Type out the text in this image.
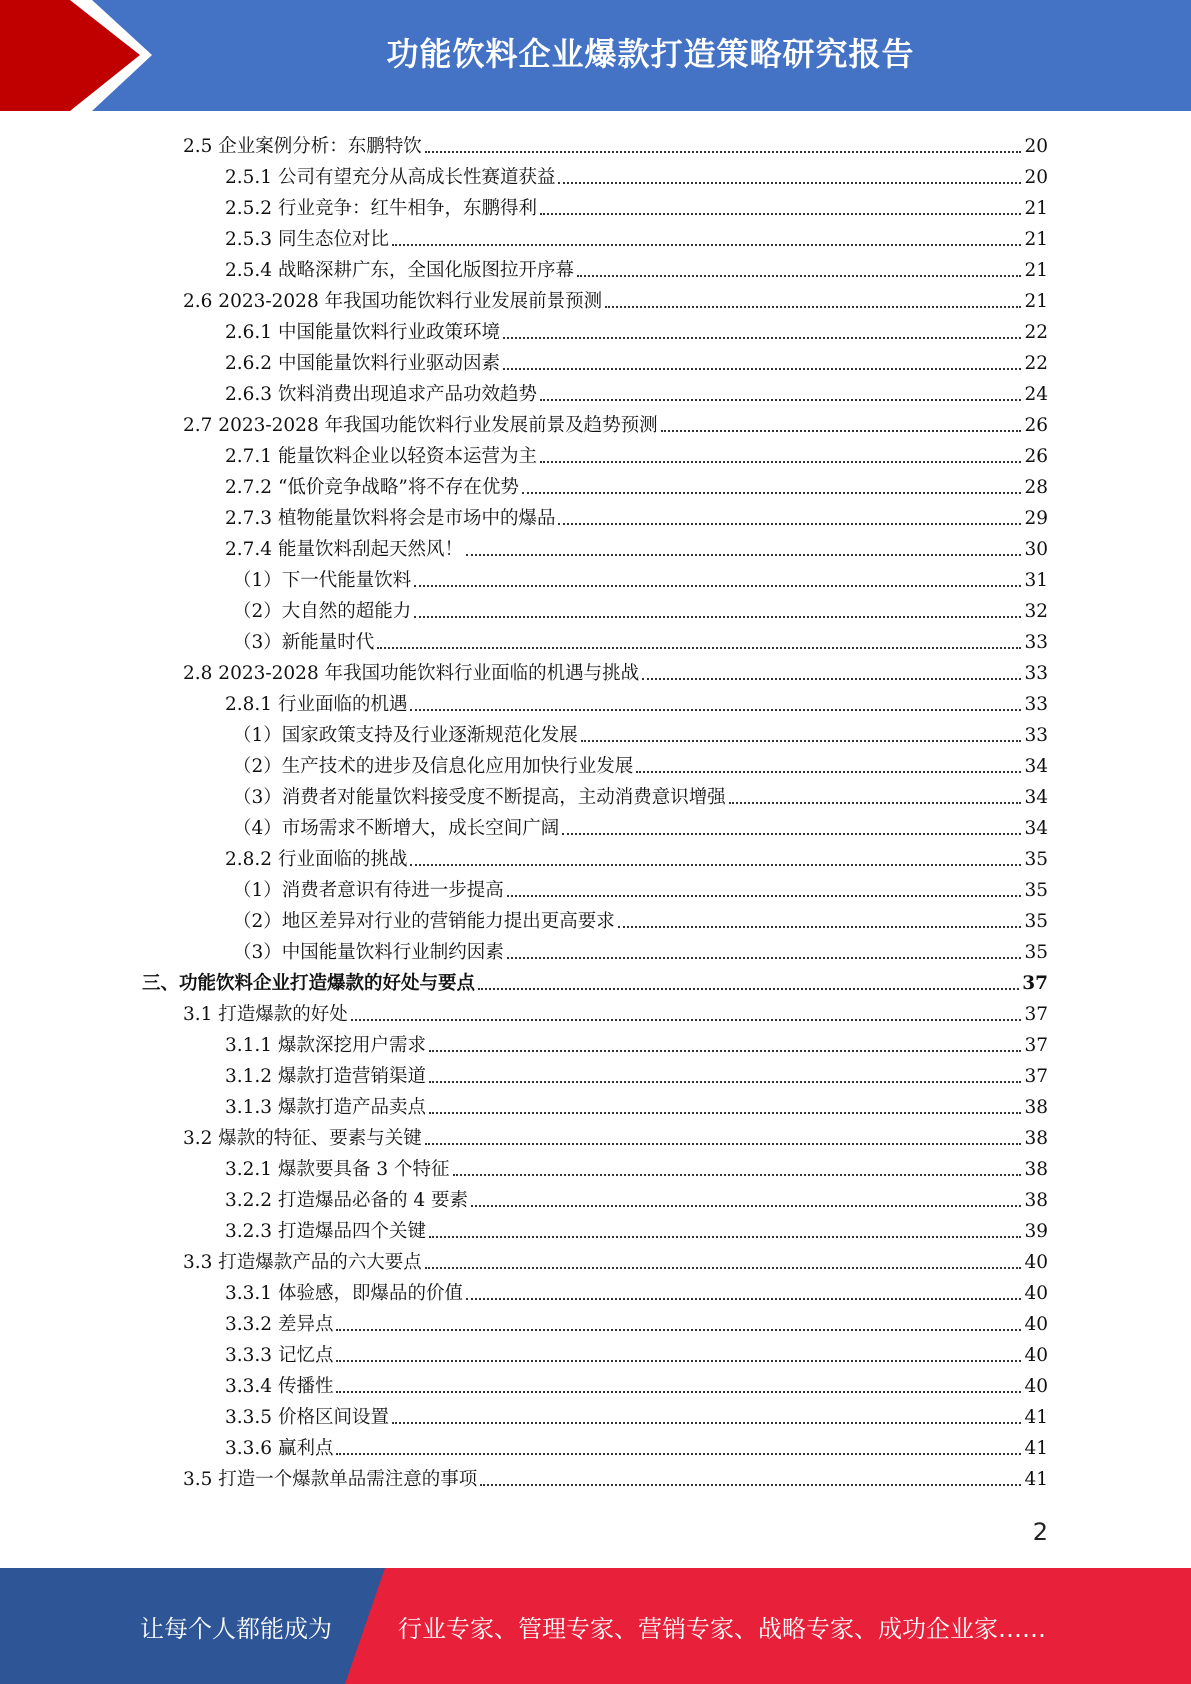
功能饮料企业爆款打造策略研究报告
2.5 企业案例分析：东鹏特饮	20
2.5.1 公司有望充分从高成长性赛道获益	20
2.5.2 行业竞争：红牛相争，东鹏得利	21
2.5.3 同生态位对比	21
2.5.4 战略深耕广东，全国化版图拉开序幕	21
2.6 2023-2028 年我国功能饮料行业发展前景预测	21
2.6.1 中国能量饮料行业政策环境	22
2.6.2 中国能量饮料行业驱动因素	22
2.6.3 饮料消费出现追求产品功效趋势	24
2.7 2023-2028 年我国功能饮料行业发展前景及趋势预测	26
2.7.1 能量饮料企业以轻资本运营为主	26
2.7.2 “低价竞争战略”将不存在优势	28
2.7.3 植物能量饮料将会是市场中的爆品	29
2.7.4 能量饮料刮起天然风！	30
（1）下一代能量饮料	31
（2）大自然的超能力	32
（3）新能量时代	33
2.8 2023-2028 年我国功能饮料行业面临的机遇与挑战	33
2.8.1 行业面临的机遇	33
（1）国家政策支持及行业逐渐规范化发展	33
（2）生产技术的进步及信息化应用加快行业发展	34
（3）消费者对能量饮料接受度不断提高，主动消费意识增强	34
（4）市场需求不断增大，成长空间广阔	34
2.8.2 行业面临的挑战	35
（1）消费者意识有待进一步提高	35
（2）地区差异对行业的营销能力提出更高要求	35
（3）中国能量饮料行业制约因素	35
三、功能饮料企业打造爆款的好处与要点	37
3.1 打造爆款的好处	37
3.1.1 爆款深挖用户需求	37
3.1.2 爆款打造营销渠道	37
3.1.3 爆款打造产品卖点	38
3.2 爆款的特征、要素与关键	38
3.2.1 爆款要具备 3 个特征	38
3.2.2 打造爆品必备的 4 要素	38
3.2.3 打造爆品四个关键	39
3.3 打造爆款产品的六大要点	40
3.3.1 体验感，即爆品的价值	40
3.3.2 差异点	40
3.3.3 记忆点	40
3.3.4 传播性	40
3.3.5 价格区间设置	41
3.3.6 赢利点	41
3.5 打造一个爆款单品需注意的事项	41
2
让每个人都能成为	行业专家、管理专家、营销专家、战略专家、成功企业家……
